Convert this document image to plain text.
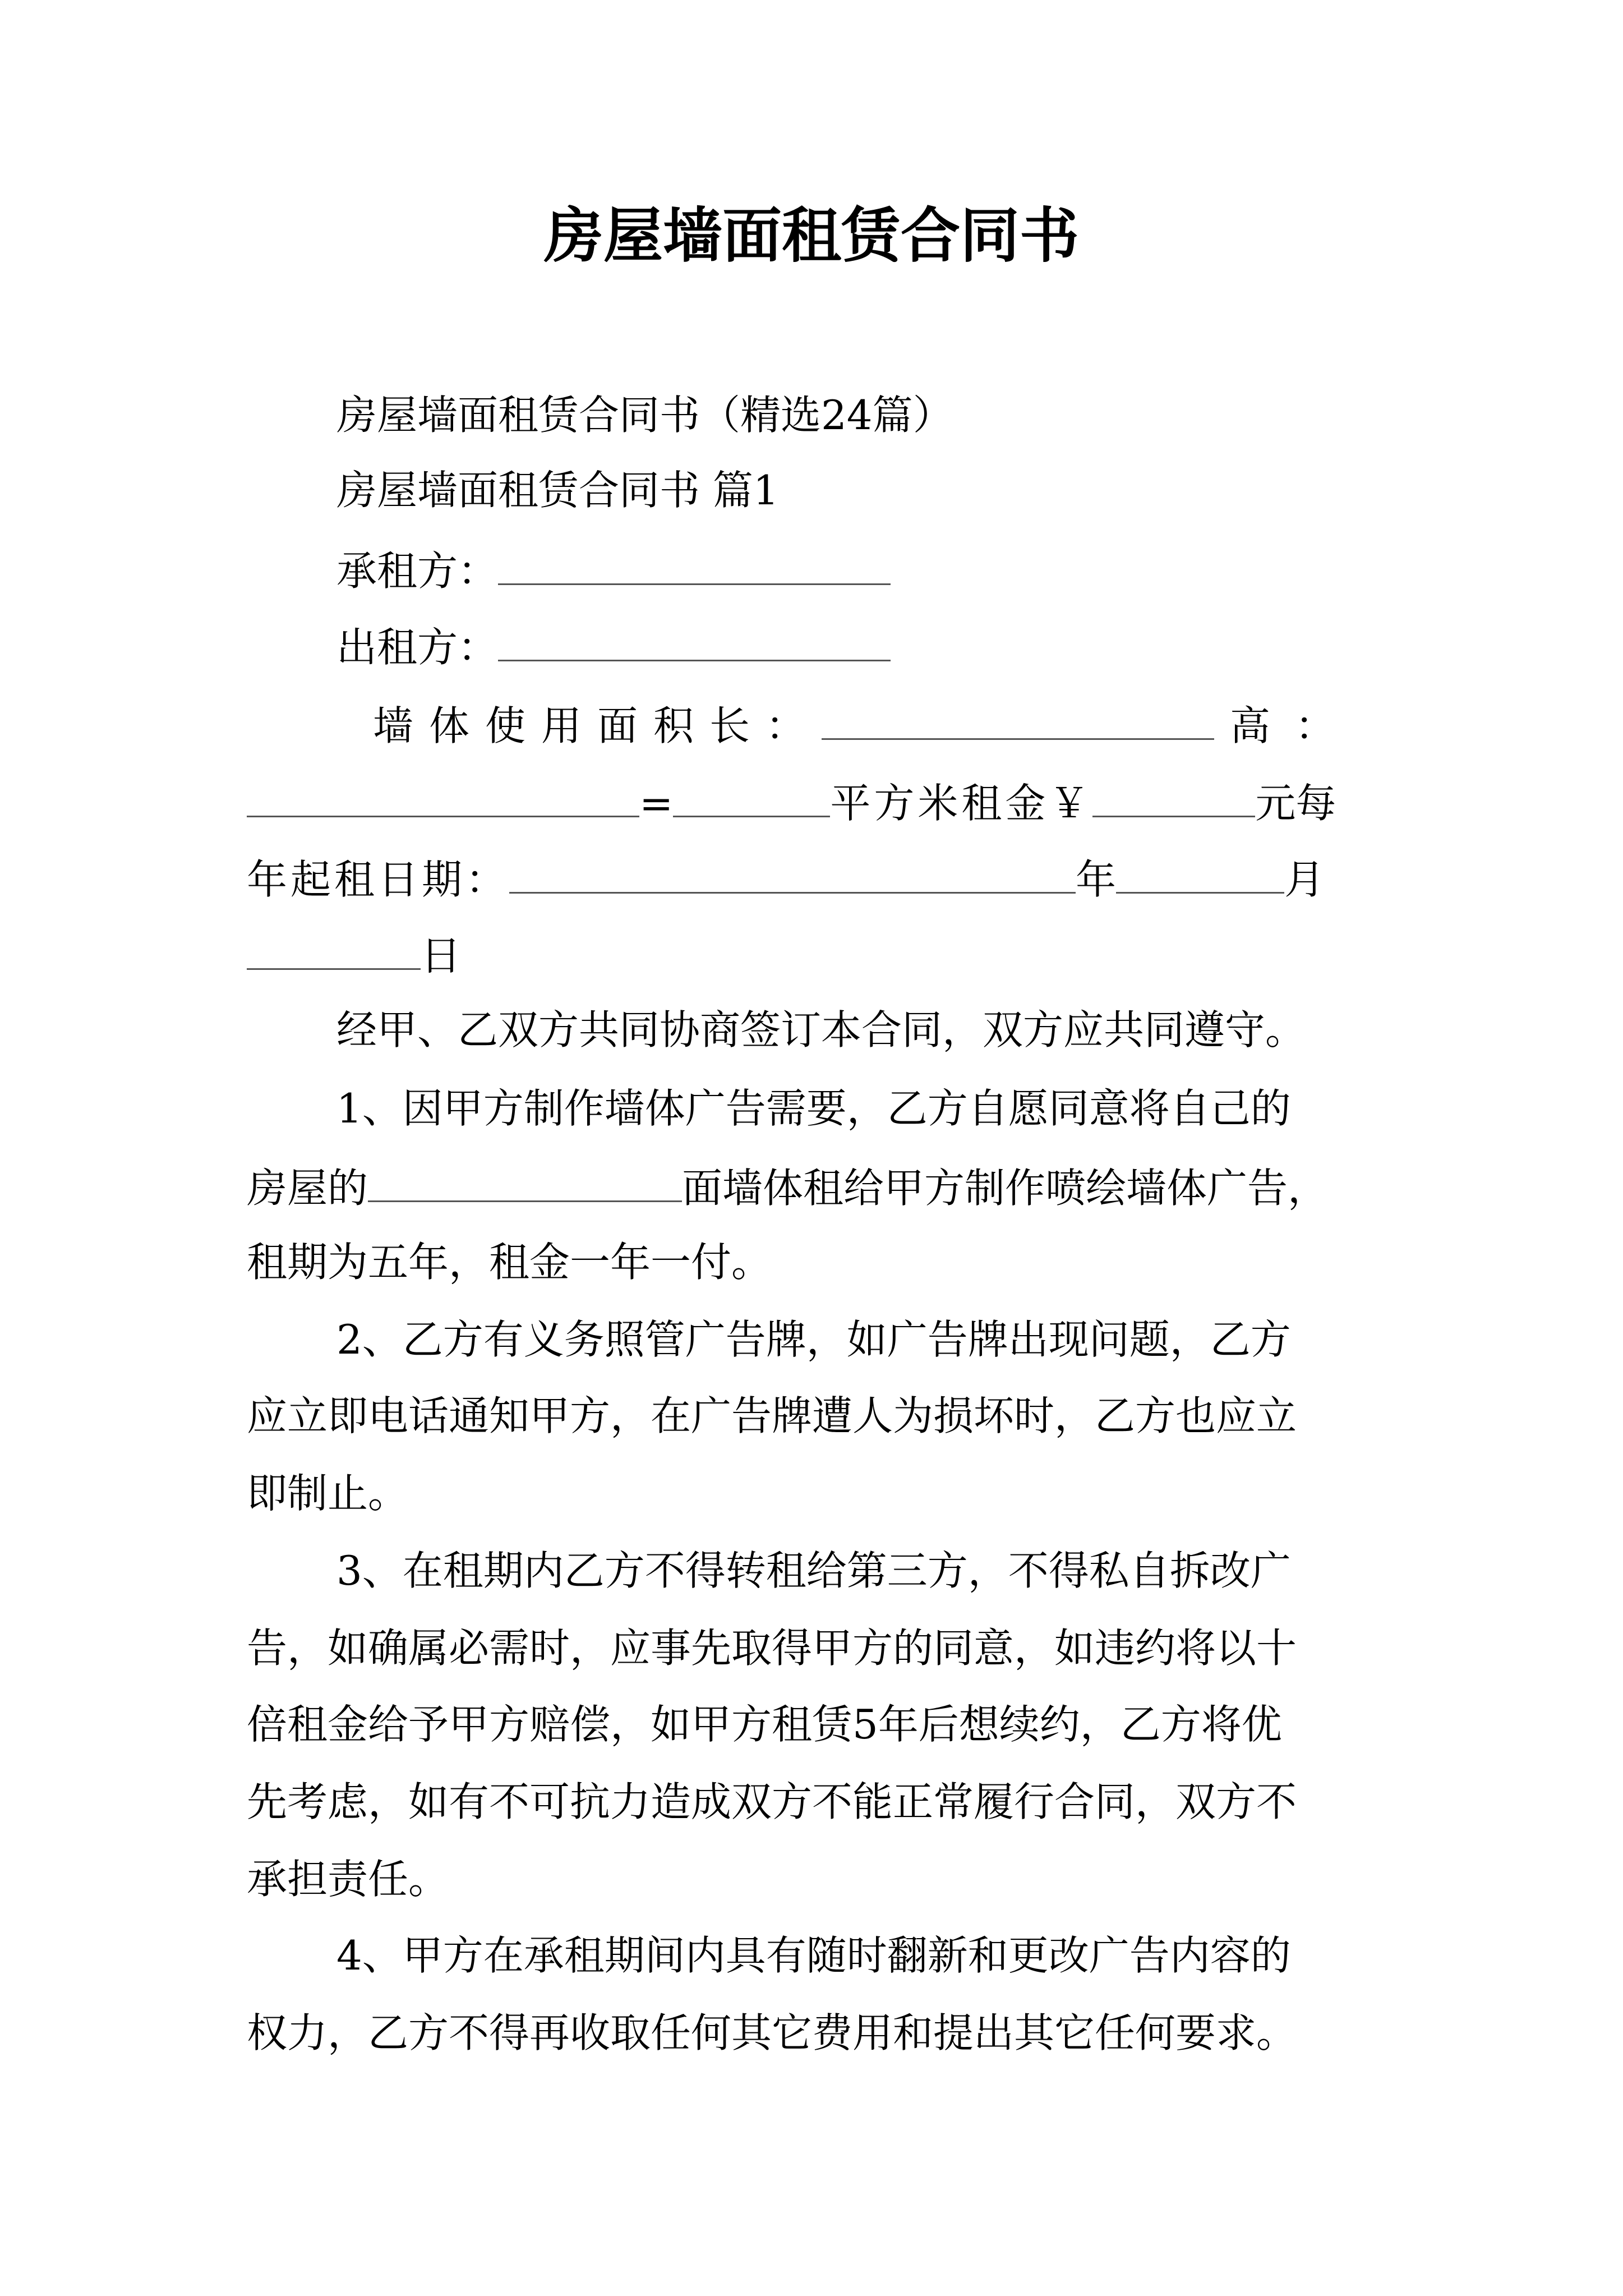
房屋墙面租赁合同书

房屋墙面租赁合同书（精选24篇）

房屋墙面租赁合同书 篇1

承租方：

出租方：

墙 体 使 用 面 积 长 ：	高：

=	平方米租金￥	元每

年起租日期：	年	月

日

经甲、乙双方共同协商签订本合同，双方应共同遵守。

1、因甲方制作墙体广告需要，乙方自愿同意将自己的

房屋的	面墙体租给甲方制作喷绘墙体广告，

租期为五年，租金一年一付。

2、乙方有义务照管广告牌，如广告牌出现问题，乙方

应立即电话通知甲方，在广告牌遭人为损坏时，乙方也应立

即制止。

3、在租期内乙方不得转租给第三方，不得私自拆改广

告，如确属必需时，应事先取得甲方的同意，如违约将以十

倍租金给予甲方赔偿，如甲方租赁5年后想续约，乙方将优

先考虑，如有不可抗力造成双方不能正常履行合同，双方不

承担责任。

4、甲方在承租期间内具有随时翻新和更改广告内容的

权力，乙方不得再收取任何其它费用和提出其它任何要求。
